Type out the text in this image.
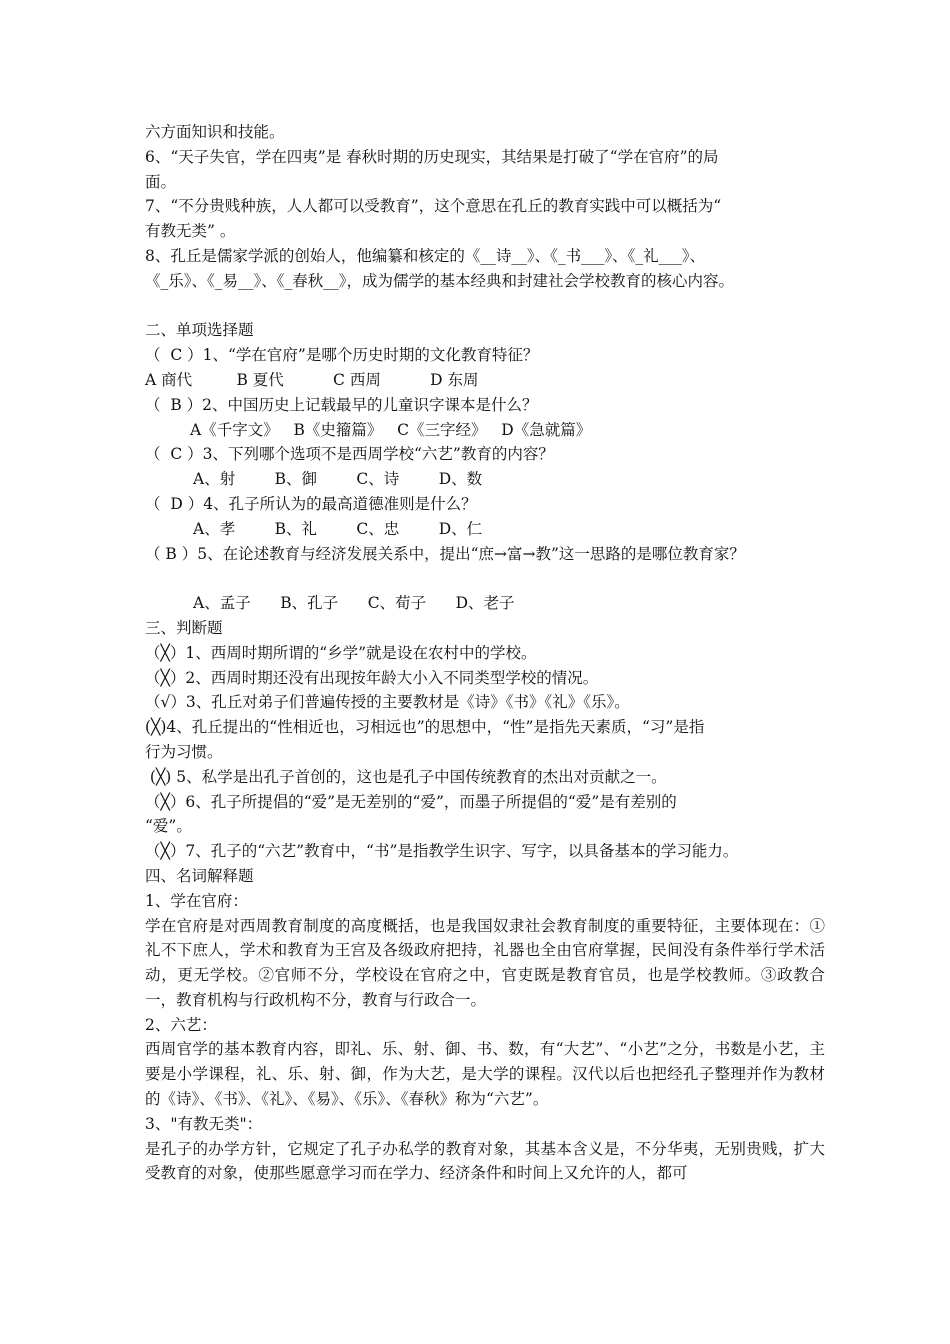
六方面知识和技能。
6、“天子失官，学在四夷”是 春秋时期的历史现实，其结果是打破了“学在官府”的局
面。
7、“不分贵贱种族，人人都可以受教育”，这个意思在孔丘的教育实践中可以概括为“
有教无类” 。
8、孔丘是儒家学派的创始人，他编纂和核定的《__诗__》、《_书___》、《_礼___》、
《_乐》、《_易__》、《_春秋__》，成为儒学的基本经典和封建社会学校教育的核心内容。
二、单项选择题
（  C ）1、“学在官府”是哪个历史时期的文化教育特征？
A 商代         B 夏代          C 西周          D 东周
（  B ）2、中国历史上记载最早的儿童识字课本是什么？
A《千字文》   B《史籀篇》   C《三字经》   D《急就篇》
（  C ）3、下列哪个选项不是西周学校“六艺”教育的内容？
A、射        B、御        C、诗        D、数
（  D ）4、孔子所认为的最高道德准则是什么？
A、孝        B、礼        C、忠        D、仁
（ B ）5、在论述教育与经济发展关系中，提出“庶→富→教”这一思路的是哪位教育家？
A、孟子      B、孔子      C、荀子      D、老子
三、判断题
（╳）1、西周时期所谓的“乡学”就是设在农村中的学校。
（╳）2、西周时期还没有出现按年龄大小入不同类型学校的情况。
（√）3、孔丘对弟子们普遍传授的主要教材是《诗》《书》《礼》《乐》。
(╳)4、孔丘提出的“性相近也，习相远也”的思想中，“性”是指先天素质，“习”是指
行为习惯。
(╳) 5、私学是出孔子首创的，这也是孔子中国传统教育的杰出对贡献之一。
（╳）6、孔子所提倡的“爱”是无差别的“爱”，而墨子所提倡的“爱”是有差别的
“爱”。
（╳）7、孔子的“六艺”教育中，“书”是指教学生识字、写字，以具备基本的学习能力。
四、名词解释题
1、学在官府：
学在官府是对西周教育制度的高度概括，也是我国奴隶社会教育制度的重要特征，主要体现在：①礼不下庶人，学术和教育为王宫及各级政府把持，礼器也全由官府掌握，民间没有条件举行学术活动，更无学校。②官师不分，学校设在官府之中，官吏既是教育官员，也是学校教师。③政教合一，教育机构与行政机构不分，教育与行政合一。
2、六艺：
西周官学的基本教育内容，即礼、乐、射、御、书、数，有“大艺”、“小艺”之分，书数是小艺，主要是小学课程，礼、乐、射、御，作为大艺，是大学的课程。汉代以后也把经孔子整理并作为教材的《诗》、《书》、《礼》、《易》、《乐》、《春秋》称为“六艺”。
3、"有教无类"：
是孔子的办学方针，它规定了孔子办私学的教育对象，其基本含义是，不分华夷，无别贵贱，扩大受教育的对象，使那些愿意学习而在学力、经济条件和时间上又允许的人，都可
